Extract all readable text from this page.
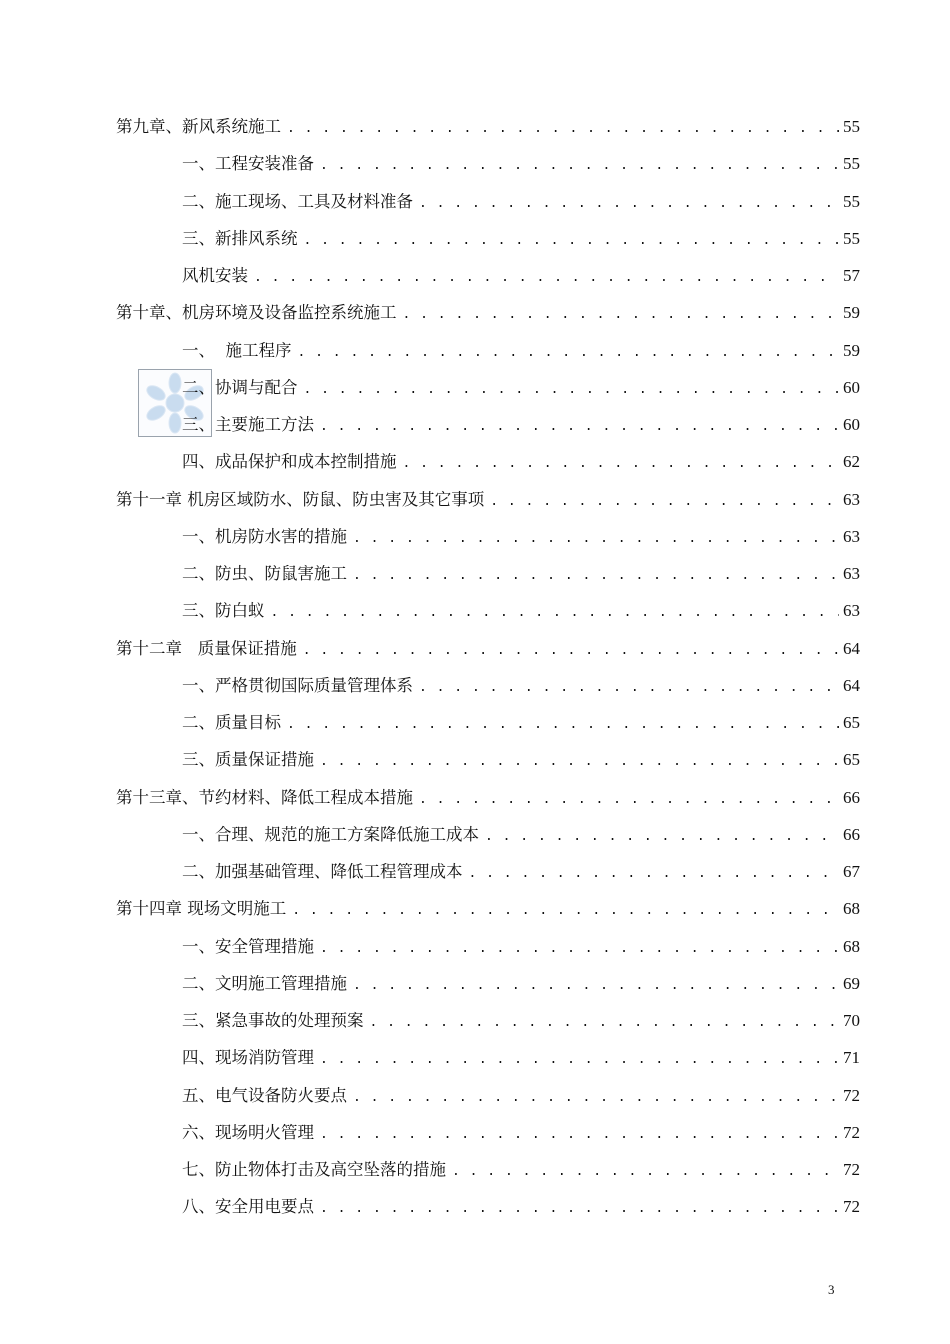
第九章、新风系统施工 . . .	55
一、工程安装准备 . . .	55
二、施工现场、工具及材料准备 . . .	55
三、新排风系统 . . .	55
风机安装 . . .	57
第十章、机房环境及设备监控系统施工 . . .	59
一、  施工程序 . . .	59
二、协调与配合 . . .	60
三、主要施工方法 . . .	60
四、成品保护和成本控制措施 . . .	62
第十一章 机房区域防水、防鼠、防虫害及其它事项 . . .	63
一、机房防水害的措施 . . .	63
二、防虫、防鼠害施工 . . .	63
三、防白蚁 . . .	63
第十二章   质量保证措施 . . .	64
一、严格贯彻国际质量管理体系 . . .	64
二、质量目标 . . .	65
三、质量保证措施 . . .	65
第十三章、节约材料、降低工程成本措施 . . .	66
一、合理、规范的施工方案降低施工成本 . . .	66
二、加强基础管理、降低工程管理成本 . . .	67
第十四章 现场文明施工 . . .	68
一、安全管理措施 . . .	68
二、文明施工管理措施 . . .	69
三、紧急事故的处理预案 . . .	70
四、现场消防管理 . . .	71
五、电气设备防火要点 . . .	72
六、现场明火管理 . . .	72
七、防止物体打击及高空坠落的措施 . . .	72
八、安全用电要点 . . .	72
3
